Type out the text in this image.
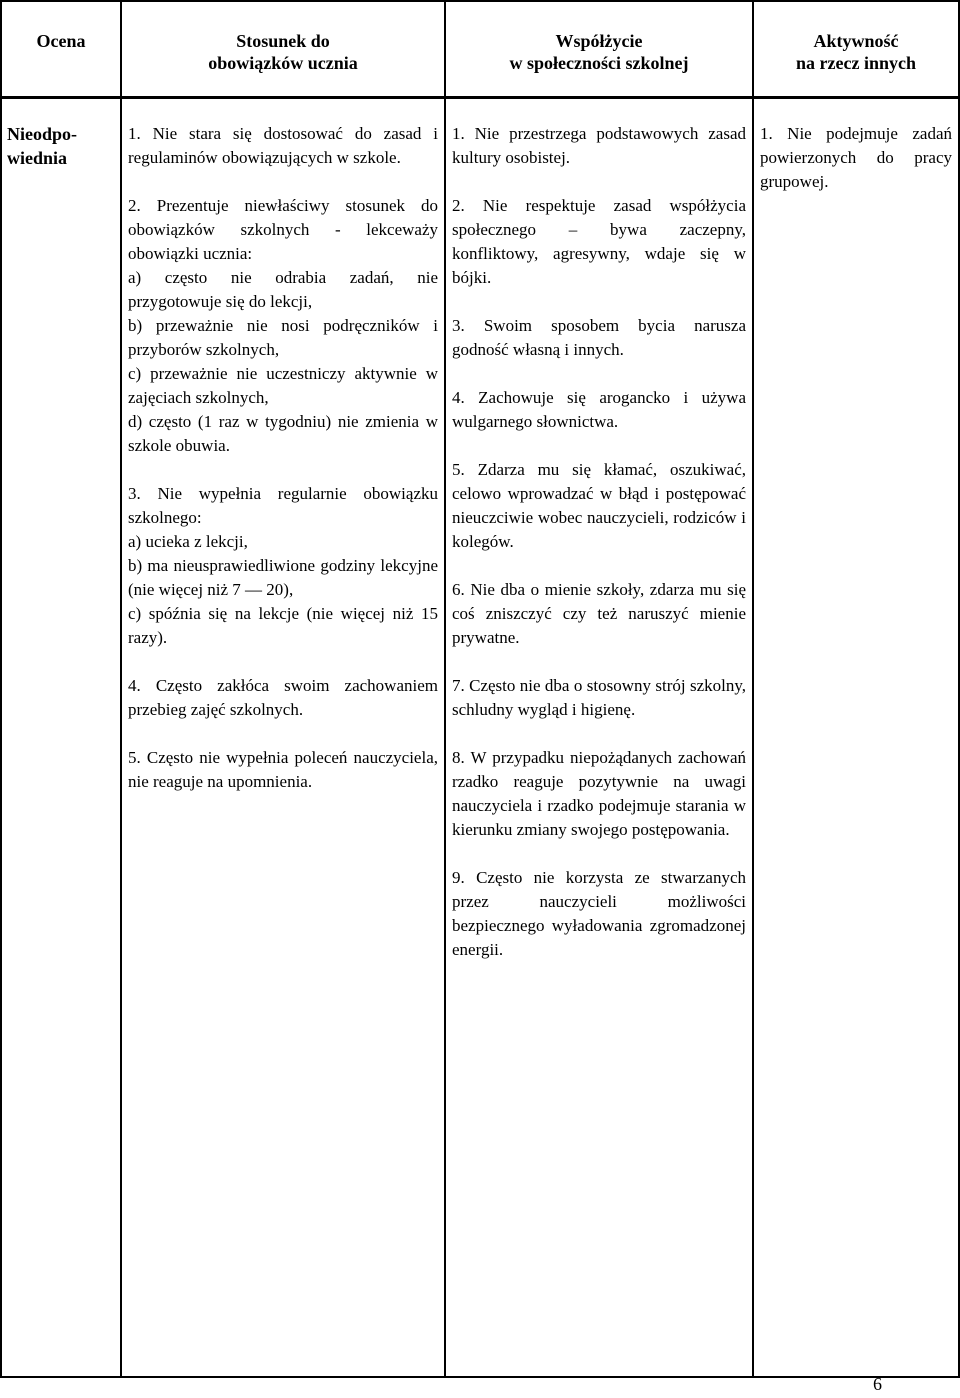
Ocena	Stosunek do
obowiązków ucznia
Współżycie
w społeczności szkolnej
Aktywność
na rzecz innych
Nieodpo-
wiednia

1. Nie stara się dostosować do zasad i regulaminów obowiązujących w szkole.

2. Prezentuje niewłaściwy stosunek do obowiązków szkolnych - lekceważy obowiązki ucznia:

a) często nie odrabia zadań, nie przygotowuje się do lekcji,

b) przeważnie nie nosi podręczników i przyborów szkolnych,

c) przeważnie nie uczestniczy aktywnie w zajęciach szkolnych,

d) często (1 raz w tygodniu) nie zmienia w szkole obuwia.

3. Nie wypełnia regularnie obowiązku szkolnego:

a) ucieka z lekcji,

b) ma nieusprawiedliwione godziny lekcyjne (nie więcej niż 7 — 20),

c) spóźnia się na lekcje (nie więcej niż 15 razy).

4. Często zakłóca swoim zachowaniem przebieg zajęć szkolnych.

5. Często nie wypełnia poleceń nauczyciela, nie reaguje na upomnienia.

1. Nie przestrzega podstawowych zasad kultury osobistej.

2. Nie respektuje zasad współżycia społecznego – bywa zaczepny, konfliktowy, agresywny, wdaje się w bójki.

3. Swoim sposobem bycia narusza godność własną i innych.

4. Zachowuje się arogancko i używa wulgarnego słownictwa.

5. Zdarza mu się kłamać, oszukiwać, celowo wprowadzać w błąd i postępować nieuczciwie wobec nauczycieli, rodziców i kolegów.

6. Nie dba o mienie szkoły, zdarza mu się coś zniszczyć czy też naruszyć mienie prywatne.

7. Często nie dba o stosowny strój szkolny, schludny wygląd i higienę.

8. W przypadku niepożądanych zachowań rzadko reaguje pozytywnie na uwagi nauczyciela i rzadko podejmuje starania w kierunku zmiany swojego postępowania.

9. Często nie korzysta ze stwarzanych przez nauczycieli możliwości bezpiecznego wyładowania zgromadzonej energii.

1. Nie podejmuje zadań powierzonych do pracy grupowej.

6
